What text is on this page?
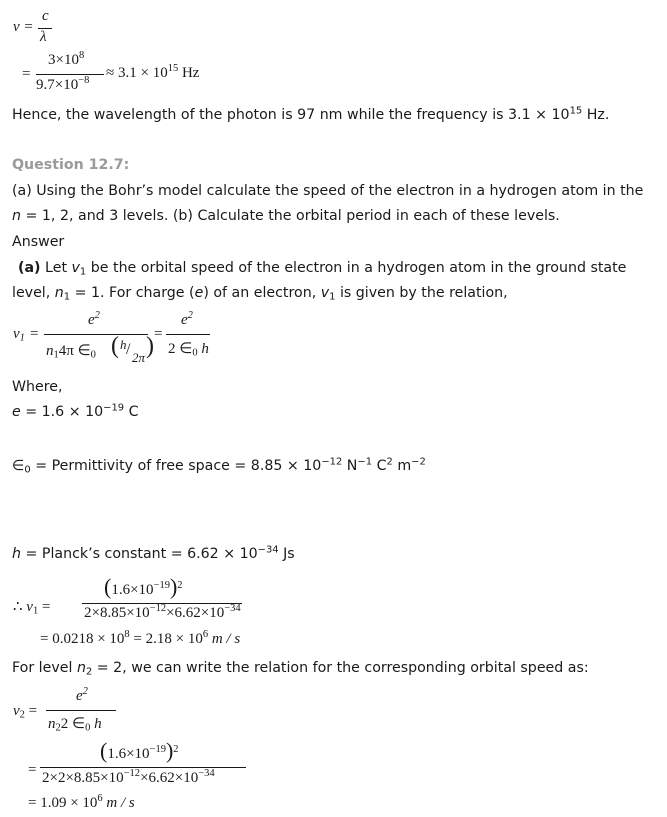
v =
c
λ
=
$3\times 10^8$
$9.7\times 10^{-8} \approx 3.1 \times 10^{15}$ Hz
Hence, the wavelength of the photon is 97 nm while the frequency is $3.1 \times 10^{15}$ Hz.
Question 12.7:
(a) Using the Bohr’s model calculate the speed of the electron in a hydrogen atom in the
n = 1, 2, and 3 levels. (b) Calculate the orbital period in each of these levels.
Answer
(a) Let $v_1$ be the orbital speed of the electron in a hydrogen atom in the ground state
level, $n_1 = 1$. For charge (e) of an electron, $v_1$ is given by the relation,
$v_1$ =
$e^2$
$n_14\pi$ $\in_0$ ( h / 2π ) =
$e^2$
2 $\in_0$ h
Where,
$e = 1.6 \times 10^{-19}$ C
$\in_0$ = Permittivity of free space = $8.85 \times 10^{-12}$ $N^{-1}$ $C^2$ $m^{-2}$
h = Planck’s constant = $6.62 \times 10^{-34}$ Js
∴ $v_1$ =
$(1.6\times 10^{-19})^2$
$2\times 8.85\times 10^{-12}\times 6.62\times 10^{-34}$
= $0.0218 \times 10^8 = 2.18 \times 10^6$ m / s
For level $n_2 = 2$, we can write the relation for the corresponding orbital speed as:
$v_2$ =
$e^2$
$n_22$ $\in_0$ h
=
$(1.6\times 10^{-19})^2$
$2\times 2\times 8.85\times 10^{-12}\times 6.62\times 10^{-34}$
= $1.09 \times 10^6$ m / s
